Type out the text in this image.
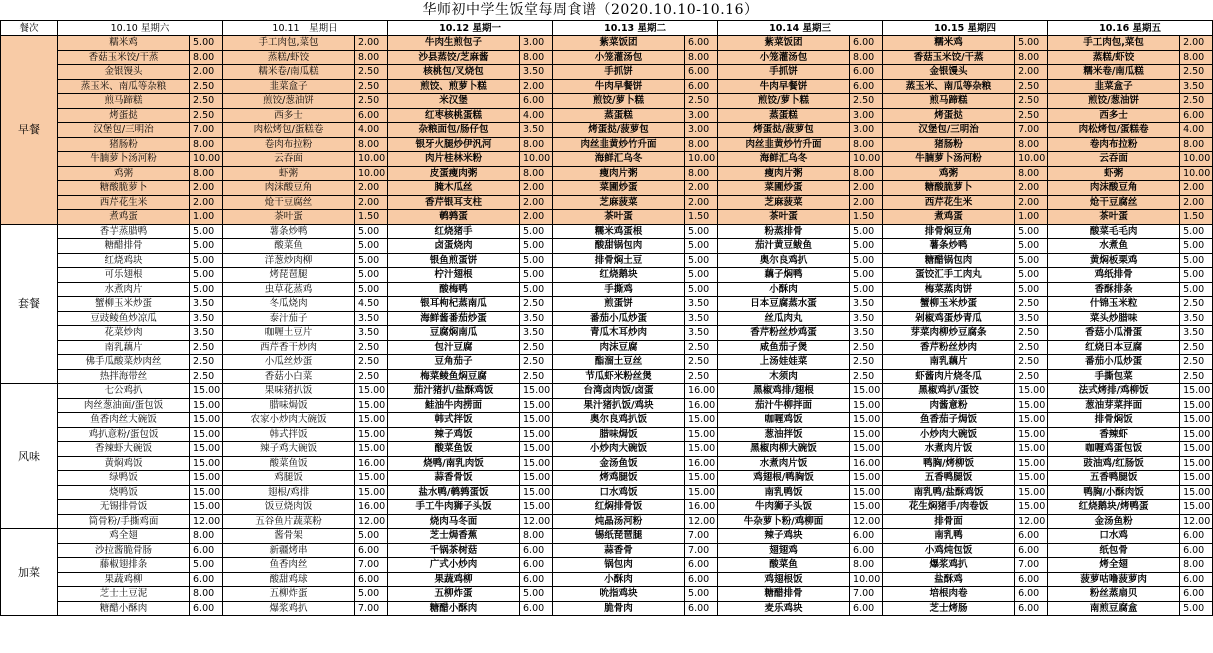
华师初中学生饭堂每周食谱（2020.10.10-10.16）
餐次	10.10 星期六		10.11　星期日		10.12 星期一		10.13 星期二		10.14 星期三		10.15 星期四		10.16 星期五	
早餐	糯米鸡	5.00	手工肉包,菜包	2.00	牛肉生煎包子	3.00	紫菜饭团	6.00	紫菜饭团	6.00	糯米鸡	5.00	手工肉包,菜包	2.00
	香菇玉米饺/干蒸	8.00	蒸糕/虾饺	8.00	沙县蒸饺/芝麻酱	8.00	小笼灌汤包	8.00	小笼灌汤包	8.00	香菇玉米饺/干蒸	8.00	蒸糕/虾饺	8.00
	金银馒头	2.00	糯米卷/南瓜糕	2.50	核桃包/叉烧包	3.50	手抓饼	6.00	手抓饼	6.00	金银馒头	2.00	糯米卷/南瓜糕	2.50
	蒸玉米、南瓜等杂粮	2.50	韭菜盒子	2.50	煎饺、煎萝卜糕	2.00	牛肉早餐饼	6.00	牛肉早餐饼	6.00	蒸玉米、南瓜等杂粮	2.50	韭菜盒子	3.50
	煎马蹄糕	2.50	煎饺/葱油饼	2.50	米汉堡	6.00	煎饺/萝卜糕	2.50	煎饺/萝卜糕	2.50	煎马蹄糕	2.50	煎饺/葱油饼	2.50
	烤蛋挞	2.50	西多士	6.00	红枣核桃蛋糕	4.00	蒸蛋糕	3.00	蒸蛋糕	3.00	烤蛋挞	2.50	西多士	6.00
	汉堡包/三明治	7.00	肉松烤包/蛋糕卷	4.00	杂粮面包/肠仔包	3.50	烤蛋挞/菠萝包	3.00	烤蛋挞/菠萝包	3.00	汉堡包/三明治	7.00	肉松烤包/蛋糕卷	4.00
	猪肠粉	8.00	卷肉布拉粉	8.00	银牙火腿炒伊汎河	8.00	肉丝韭黄炒竹升面	8.00	肉丝韭黄炒竹升面	8.00	猪肠粉	8.00	卷肉布拉粉	8.00
	牛腩萝卜汤河粉	10.00	云吞面	10.00	肉片桂林米粉	10.00	海鲜汇乌冬	10.00	海鲜汇乌冬	10.00	牛腩萝卜汤河粉	10.00	云吞面	10.00
	鸡粥	8.00	虾粥	10.00	皮蛋瘦肉粥	8.00	瘦肉片粥	8.00	瘦肉片粥	8.00	鸡粥	8.00	虾粥	10.00
	糖酸脆萝卜	2.00	肉沫酸豆角	2.00	腌木瓜丝	2.00	菜圃炒蛋	2.00	菜圃炒蛋	2.00	糖酸脆萝卜	2.00	肉沫酸豆角	2.00
	西芹花生米	2.00	炝干豆腐丝	2.00	香芹银耳支柱	2.00	芝麻菠菜	2.00	芝麻菠菜	2.00	西芹花生米	2.00	炝干豆腐丝	2.00
	煮鸡蛋	1.00	茶叶蛋	1.50	鹌鹑蛋	2.00	茶叶蛋	1.50	茶叶蛋	1.50	煮鸡蛋	1.00	茶叶蛋	1.50
套餐	香芋蒸腊鸭	5.00	薯条炒鸭	5.00	红烧猪手	5.00	糯米鸡蛋根	5.00	粉蒸排骨	5.00	排骨焖豆角	5.00	酸菜毛毛肉	5.00
	糖醋排骨	5.00	酸菜鱼	5.00	卤蛋烧肉	5.00	酸甜锅包肉	5.00	茄汁黄豆鲅鱼	5.00	薯条炒鸭	5.00	水煮鱼	5.00
	红烧鸡块	5.00	洋葱炒肉柳	5.00	银鱼煎蛋饼	5.00	排骨焖土豆	5.00	奥尔良鸡扒	5.00	糖醋锅包肉	5.00	黄焖板栗鸡	5.00
	可乐翅根	5.00	烤琵琶腿	5.00	柠汁翅根	5.00	红烧鹅块	5.00	藕子焖鸭	5.00	蛋饺汇手工肉丸	5.00	鸡纸排骨	5.00
	水煮肉片	5.00	虫草花蒸鸡	5.00	酸梅鸭	5.00	手撕鸡	5.00	小酥肉	5.00	梅菜蒸肉饼	5.00	香酥排条	5.00
	蟹柳玉米炒蛋	3.50	冬瓜烧肉	4.50	银耳枸杞蒸南瓜	2.50	煎蛋饼	3.50	日本豆腐蒸水蛋	3.50	蟹柳玉米炒蛋	2.50	什锦玉米粒	2.50
	豆豉鲮鱼炒凉瓜	3.50	泰汁茄子	3.50	海鲜酱番茄炒蛋	3.50	番茄小瓜炒蛋	3.50	丝瓜肉丸	3.50	剁椒鸡蛋炒青瓜	3.50	菜头炒腊味	3.50
	花菜炒肉	3.50	咖喱土豆片	3.50	豆腐焖南瓜	3.50	青瓜木耳炒肉	3.50	香芹粉丝炒鸡蛋	3.50	芽菜肉柳炒豆腐条	2.50	香菇小瓜滑蛋	3.50
	南乳藕片	2.50	西芹香干炒肉	2.50	包汁豆腐	2.50	肉沫豆腐	2.50	咸鱼茄子煲	2.50	香芹粉丝炒肉	2.50	红烧日本豆腐	2.50
	佛手瓜酸菜炒肉丝	2.50	小瓜丝炒蛋	2.50	豆角茄子	2.50	酯溜土豆丝	2.50	上汤娃娃菜	2.50	南乳藕片	2.50	番茄小瓜炒蛋	2.50
	热拌海带丝	2.50	香菇小白菜	2.50	梅菜鲮鱼焖豆腐	2.50	节瓜虾米粉丝煲	2.50	木须肉	2.50	虾酱肉片烧冬瓜	2.50	手撕包菜	2.50
风味	七公鸡扒	15.00	果味猪扒饭	15.00	茄汁猪扒/盐酥鸡饭	15.00	台湾卤肉饭/卤蛋	16.00	黑椒鸡排/翅根	15.00	黑椒鸡扒/蛋饺	15.00	法式烤排/鸡柳饭	15.00
	肉丝葱油面/蛋包饭	15.00	腊味焗饭	15.00	鲑油牛肉捞面	15.00	果汁猪扒饭/鸡块	16.00	茄汁牛柳拌面	15.00	肉酱意粉	15.00	葱油芽菜拌面	15.00
	鱼香肉丝大碗饭	15.00	农家小炒肉大碗饭	15.00	韩式拌饭	15.00	奥尔良鸡扒饭	15.00	咖喱鸡饭	15.00	鱼香茄子焗饭	15.00	排骨焖饭	15.00
	鸡扒意粉/蛋包饭	15.00	韩式拌饭	15.00	辣子鸡饭	15.00	腊味焗饭	15.00	葱油拌饭	15.00	小炒肉大碗饭	15.00	香辣虾	15.00
	香辣虾大碗饭	15.00	辣子鸡大碗饭	15.00	酸菜鱼饭	15.00	小炒肉大碗饭	15.00	黑椒肉柳大碗饭	15.00	水煮肉片饭	15.00	咖喱鸡蛋包饭	15.00
	黄焖鸡饭	15.00	酸菜鱼饭	16.00	烧鸭/南乳肉饭	15.00	金汤鱼饭	16.00	水煮肉片饭	16.00	鸭胸/烤柳饭	15.00	豉油鸡/红肠饭	15.00
	绿鸭饭	15.00	鸡腿饭	15.00	蒜香骨饭	15.00	烤鸡腿饭	15.00	鸡翅根/鸭胸饭	15.00	五香鸭腿饭	15.00	五香鸭腿饭	15.00
	烧鸭饭	15.00	翅根/鸡排	15.00	盐水鸭/鹌鹑蛋饭	15.00	口水鸡饭	15.00	南乳鸭饭	15.00	南乳鸭/盐酥鸡饭	15.00	鸭胸/小酥肉饭	15.00
	无锡排骨饭	15.00	饭豆烧肉饭	16.00	手工牛肉狮子头饭	15.00	红焖排骨饭	16.00	牛肉狮子头饭	15.00	花生焖猪手/肉卷饭	15.00	红烧鹅块/烤鸭蛋	15.00
	筒骨粉/手撕鸡面	12.00	五谷鱼片蔬菜粉	12.00	烧肉马冬面	12.00	炖晶汤河粉	12.00	牛杂萝卜粉/鸡柳面	12.00	排骨面	12.00	金汤鱼粉	12.00
加菜	鸡全翅	8.00	酱骨架	5.00	芝士焗香蕉	8.00	锡纸琵琶腿	7.00	辣子鸡块	6.00	南乳鸭	6.00	口水鸡	6.00
	沙拉酱脆骨肠	6.00	新疆烤串	6.00	千锅茶树菇	6.00	蒜香骨	7.00	翅翅鸡	6.00	小鸡炖包饭	6.00	纸包骨	6.00
	藤椒翅排条	5.00	鱼香肉丝	7.00	广式小炒肉	6.00	锅包肉	6.00	酸菜鱼	8.00	爆浆鸡扒	7.00	烤全翅	8.00
	果蔬鸡柳	6.00	酸甜鸡球	6.00	果蔬鸡柳	6.00	小酥肉	6.00	鸡翅根饭	10.00	盐酥鸡	6.00	菠萝咕噜菠萝肉	6.00
	芝士土豆泥	8.00	五柳炸蛋	5.00	五柳炸蛋	5.00	吮指鸡块	5.00	糖醋排骨	7.00	培根肉卷	6.00	粉丝蒸扇贝	6.00
	糖醋小酥肉	6.00	爆浆鸡扒	7.00	糖醋小酥肉	6.00	脆骨肉	6.00	麦乐鸡块	6.00	芝士烤肠	6.00	南煎豆腐盒	5.00
